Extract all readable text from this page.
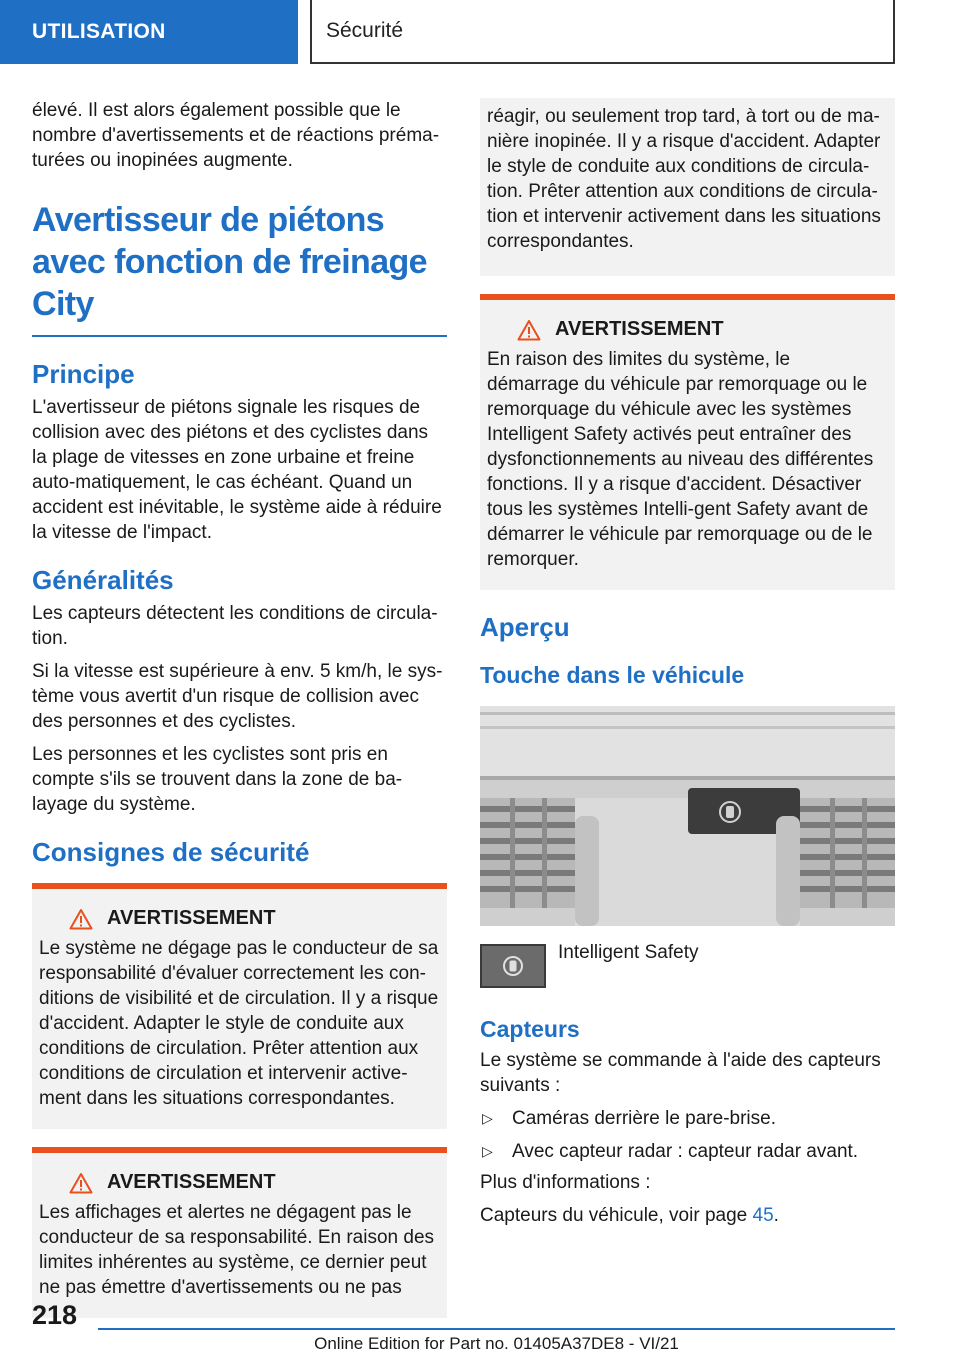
UTILISATION	Sécurité

élevé. Il est alors également possible que le nombre d'avertissements et de réactions préma-turées ou inopinées augmente.

Avertisseur de piétons avec fonction de freinage City
Principe

L'avertisseur de piétons signale les risques de collision avec des piétons et des cyclistes dans la plage de vitesses en zone urbaine et freine auto-matiquement, le cas échéant. Quand un accident est inévitable, le système aide à réduire la vitesse de l'impact.

Généralités

Les capteurs détectent les conditions de circula-tion.

Si la vitesse est supérieure à env. 5 km/h, le sys-tème vous avertit d'un risque de collision avec des personnes et des cyclistes.

Les personnes et les cyclistes sont pris en compte s'ils se trouvent dans la zone de ba-layage du système.

Consignes de sécurité
AVERTISSEMENT

Le système ne dégage pas le conducteur de sa responsabilité d'évaluer correctement les con-ditions de visibilité et de circulation. Il y a risque d'accident. Adapter le style de conduite aux conditions de circulation. Prêter attention aux conditions de circulation et intervenir active-ment dans les situations correspondantes.

AVERTISSEMENT

Les affichages et alertes ne dégagent pas le conducteur de sa responsabilité. En raison des limites inhérentes au système, ce dernier peut ne pas émettre d'avertissements ou ne pas

réagir, ou seulement trop tard, à tort ou de ma-nière inopinée. Il y a risque d'accident. Adapter le style de conduite aux conditions de circula-tion. Prêter attention aux conditions de circula-tion et intervenir activement dans les situations correspondantes.

AVERTISSEMENT

En raison des limites du système, le démarrage du véhicule par remorquage ou le remorquage du véhicule avec les systèmes Intelligent Safety activés peut entraîner des dysfonctionnements au niveau des différentes fonctions. Il y a risque d'accident. Désactiver tous les systèmes Intelli-gent Safety avant de démarrer le véhicule par remorquage ou de le remorquer.

Aperçu
Touche dans le véhicule

Intelligent Safety

Capteurs

Le système se commande à l'aide des capteurs suivants :

▷ Caméras derrière le pare-brise.
▷ Avec capteur radar : capteur radar avant.

Plus d'informations :

Capteurs du véhicule, voir page 45.

218
Online Edition for Part no. 01405A37DE8 - VI/21
